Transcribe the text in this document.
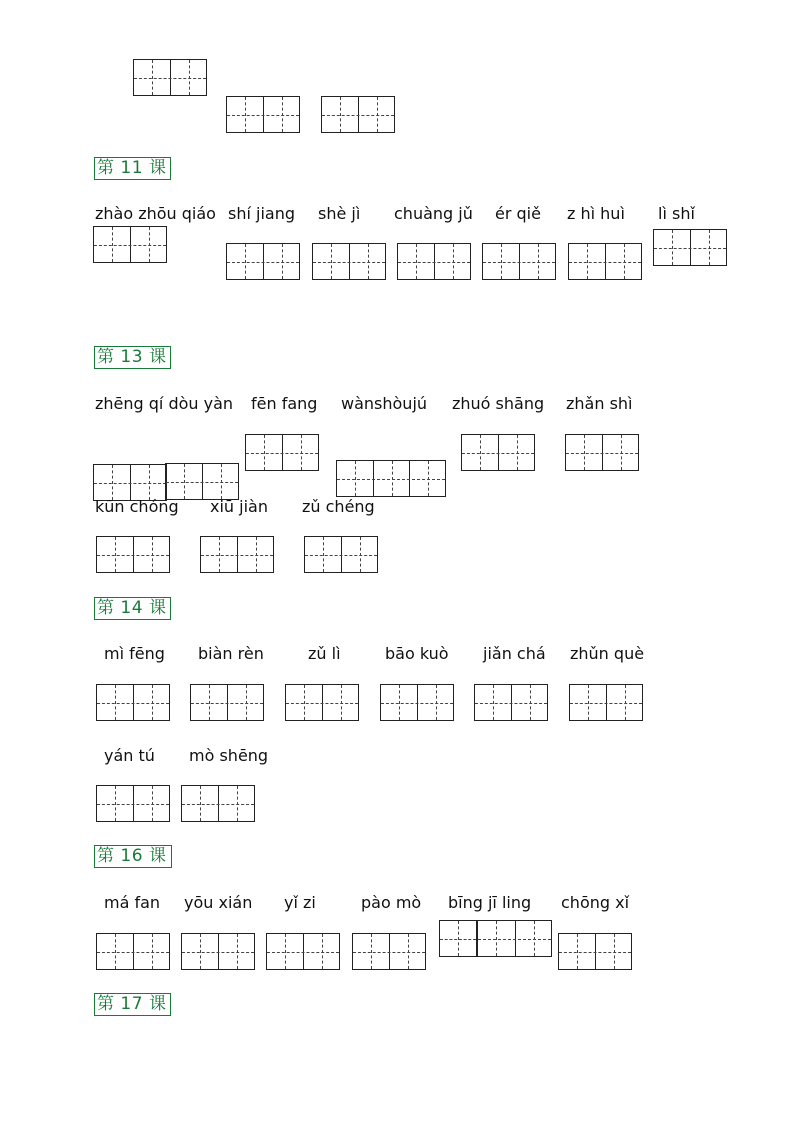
第 11 课
zhào zhōu qiáo shí jiang shè jì chuàng jǔ ér qiě z hì huì lì shǐ
第 13 课
zhēng qí dòu yàn fēn fang wànshòujú zhuó shāng zhǎn shì
kūn chóng xiū jiàn zǔ chéng
第 14 课
mì fēng biàn rèn	zǔ lì	bāo kuò jiǎn chá zhǔn què
yán tú mò shēng
第 16 课
má fan yōu xián yǐ zi	pào mò bīng jī ling chōng xǐ
第 17 课
